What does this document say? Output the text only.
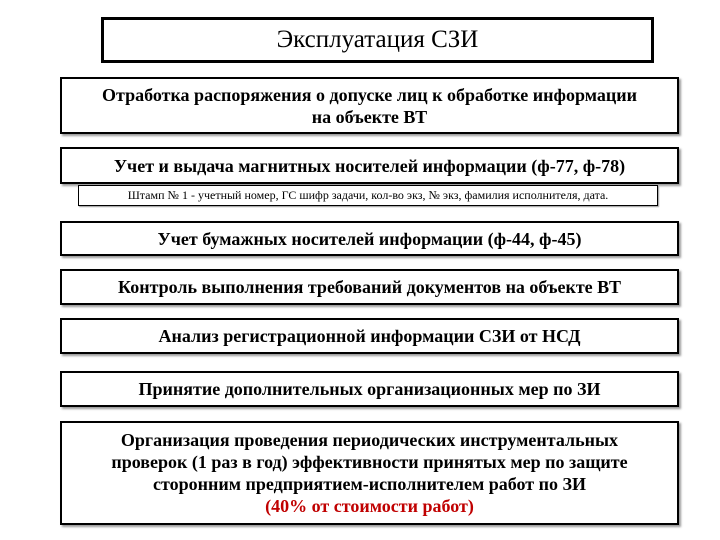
Эксплуатация СЗИ
Отработка распоряжения о допуске лиц к обработке информации
на объекте ВТ
Учет и выдача магнитных носителей информации (ф-77, ф-78)
Штамп № 1 - учетный номер, ГС шифр задачи, кол-во экз, № экз, фамилия исполнителя, дата.
Учет бумажных носителей информации (ф-44, ф-45)
Контроль выполнения требований документов на объекте ВТ
Анализ регистрационной информации СЗИ от НСД
Принятие дополнительных организационных мер по ЗИ
Организация проведения периодических инструментальных
проверок (1 раз в год) эффективности принятых мер по защите
сторонним предприятием-исполнителем работ по ЗИ
(40% от стоимости работ)
